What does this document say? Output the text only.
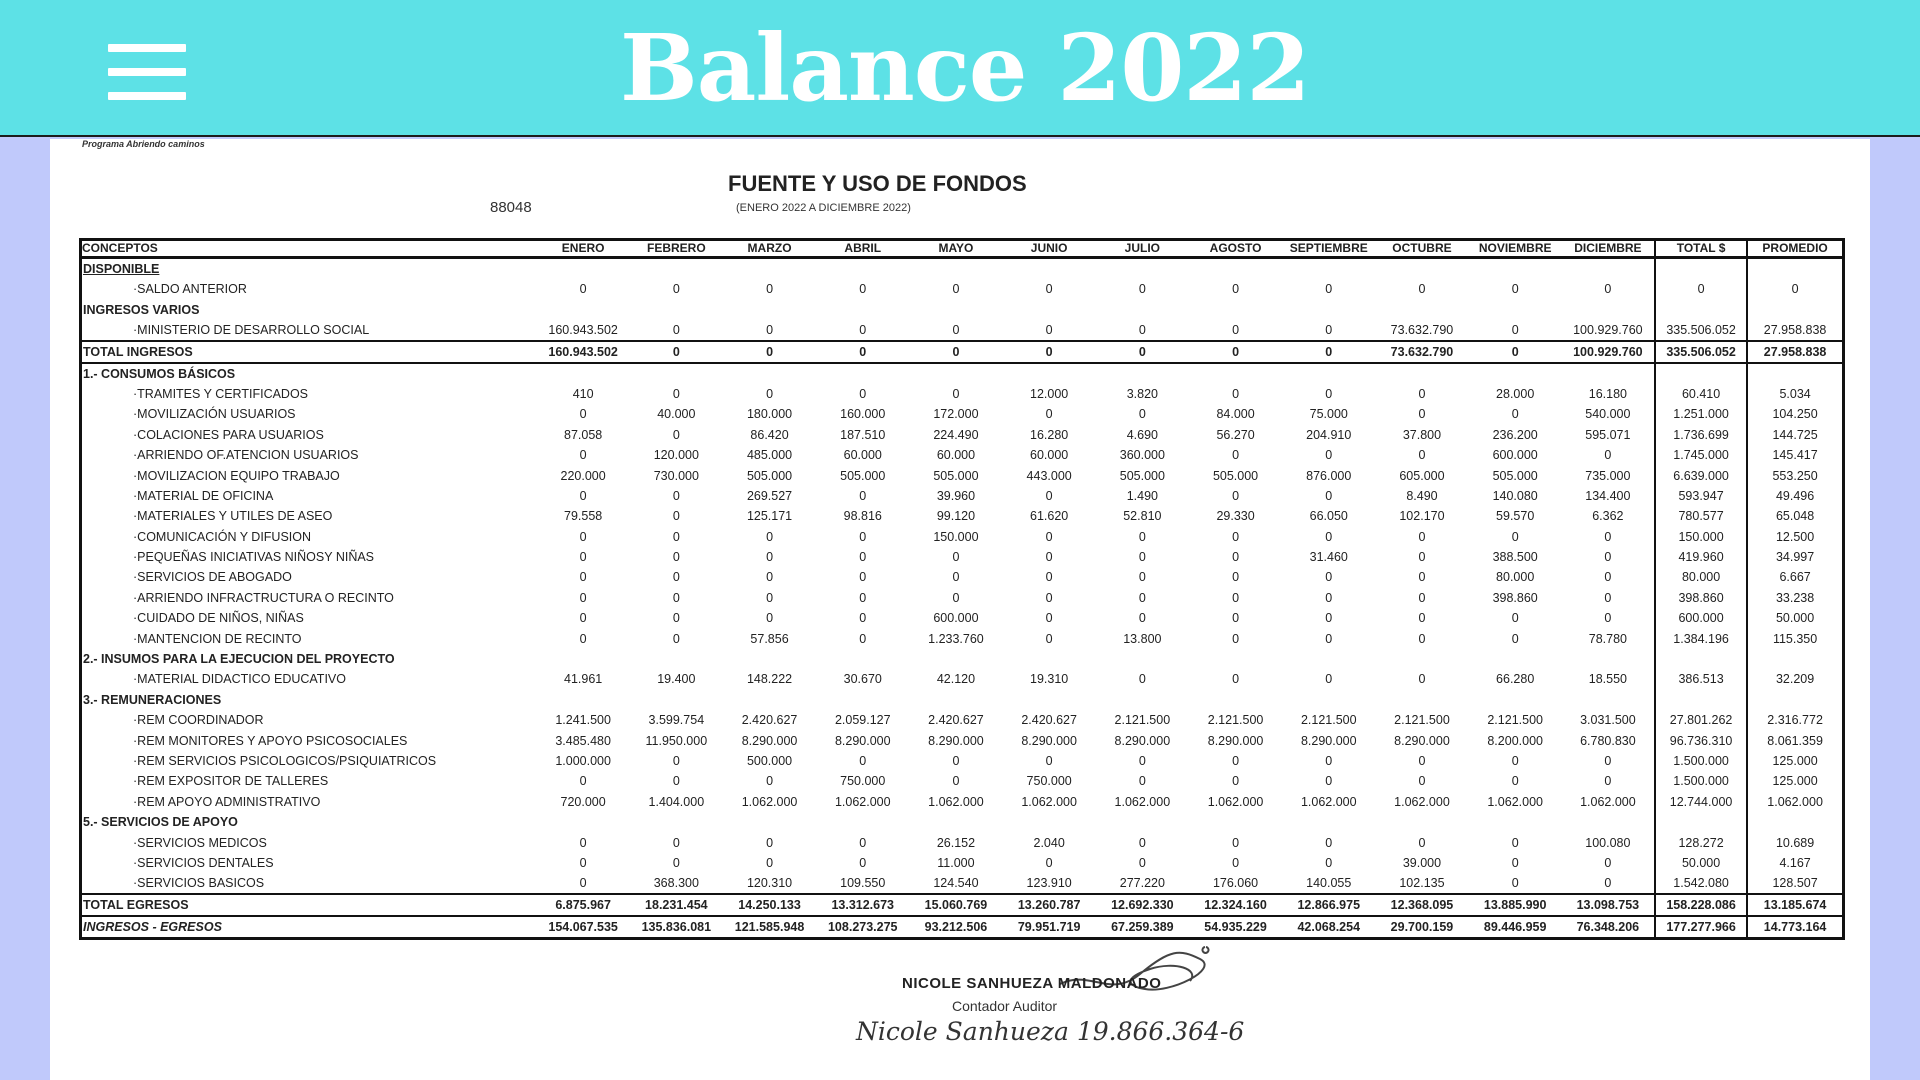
Balance 2022
Programa Abriendo caminos
FUENTE Y USO DE FONDOS
88048	(ENERO 2022 A DICIEMBRE 2022)
CONCEPTOS	ENERO	FEBRERO	MARZO	ABRIL	MAYO	JUNIO	JULIO	AGOSTO	SEPTIEMBRE	OCTUBRE	NOVIEMBRE	DICIEMBRE	TOTAL $	PROMEDIO
DISPONIBLE														
·SALDO ANTERIOR	0	0	0	0	0	0	0	0	0	0	0	0	0	0
INGRESOS VARIOS														
·MINISTERIO DE DESARROLLO SOCIAL	160.943.502	0	0	0	0	0	0	0	0	73.632.790	0	100.929.760	335.506.052	27.958.838
TOTAL INGRESOS	160.943.502	0	0	0	0	0	0	0	0	73.632.790	0	100.929.760	335.506.052	27.958.838
1.- CONSUMOS BÁSICOS														
·TRAMITES Y CERTIFICADOS	410	0	0	0	0	12.000	3.820	0	0	0	28.000	16.180	60.410	5.034
·MOVILIZACIÓN USUARIOS	0	40.000	180.000	160.000	172.000	0	0	84.000	75.000	0	0	540.000	1.251.000	104.250
·COLACIONES PARA USUARIOS	87.058	0	86.420	187.510	224.490	16.280	4.690	56.270	204.910	37.800	236.200	595.071	1.736.699	144.725
·ARRIENDO OF.ATENCION USUARIOS	0	120.000	485.000	60.000	60.000	60.000	360.000	0	0	0	600.000	0	1.745.000	145.417
·MOVILIZACION EQUIPO TRABAJO	220.000	730.000	505.000	505.000	505.000	443.000	505.000	505.000	876.000	605.000	505.000	735.000	6.639.000	553.250
·MATERIAL DE OFICINA	0	0	269.527	0	39.960	0	1.490	0	0	8.490	140.080	134.400	593.947	49.496
·MATERIALES Y UTILES DE ASEO	79.558	0	125.171	98.816	99.120	61.620	52.810	29.330	66.050	102.170	59.570	6.362	780.577	65.048
·COMUNICACIÓN Y DIFUSION	0	0	0	0	150.000	0	0	0	0	0	0	0	150.000	12.500
·PEQUEÑAS INICIATIVAS NIÑOSY NIÑAS	0	0	0	0	0	0	0	0	31.460	0	388.500	0	419.960	34.997
·SERVICIOS DE ABOGADO	0	0	0	0	0	0	0	0	0	0	80.000	0	80.000	6.667
·ARRIENDO INFRACTRUCTURA O RECINTO	0	0	0	0	0	0	0	0	0	0	398.860	0	398.860	33.238
·CUIDADO DE NIÑOS, NIÑAS	0	0	0	0	600.000	0	0	0	0	0	0	0	600.000	50.000
·MANTENCION DE RECINTO	0	0	57.856	0	1.233.760	0	13.800	0	0	0	0	78.780	1.384.196	115.350
2.- INSUMOS PARA LA EJECUCION DEL PROYECTO														
·MATERIAL DIDACTICO EDUCATIVO	41.961	19.400	148.222	30.670	42.120	19.310	0	0	0	0	66.280	18.550	386.513	32.209
3.- REMUNERACIONES														
·REM COORDINADOR	1.241.500	3.599.754	2.420.627	2.059.127	2.420.627	2.420.627	2.121.500	2.121.500	2.121.500	2.121.500	2.121.500	3.031.500	27.801.262	2.316.772
·REM MONITORES Y APOYO PSICOSOCIALES	3.485.480	11.950.000	8.290.000	8.290.000	8.290.000	8.290.000	8.290.000	8.290.000	8.290.000	8.290.000	8.200.000	6.780.830	96.736.310	8.061.359
·REM SERVICIOS PSICOLOGICOS/PSIQUIATRICOS	1.000.000	0	500.000	0	0	0	0	0	0	0	0	0	1.500.000	125.000
·REM EXPOSITOR DE TALLERES	0	0	0	750.000	0	750.000	0	0	0	0	0	0	1.500.000	125.000
·REM APOYO ADMINISTRATIVO	720.000	1.404.000	1.062.000	1.062.000	1.062.000	1.062.000	1.062.000	1.062.000	1.062.000	1.062.000	1.062.000	1.062.000	12.744.000	1.062.000
5.- SERVICIOS DE APOYO														
·SERVICIOS MEDICOS	0	0	0	0	26.152	2.040	0	0	0	0	0	100.080	128.272	10.689
·SERVICIOS DENTALES	0	0	0	0	11.000	0	0	0	0	39.000	0	0	50.000	4.167
·SERVICIOS BASICOS	0	368.300	120.310	109.550	124.540	123.910	277.220	176.060	140.055	102.135	0	0	1.542.080	128.507
TOTAL EGRESOS	6.875.967	18.231.454	14.250.133	13.312.673	15.060.769	13.260.787	12.692.330	12.324.160	12.866.975	12.368.095	13.885.990	13.098.753	158.228.086	13.185.674
INGRESOS - EGRESOS	154.067.535	135.836.081	121.585.948	108.273.275	93.212.506	79.951.719	67.259.389	54.935.229	42.068.254	29.700.159	89.446.959	76.348.206	177.277.966	14.773.164
NICOLE SANHUEZA MALDONADO
Contador Auditor
Nicole Sanhueza 19.866.364-6
